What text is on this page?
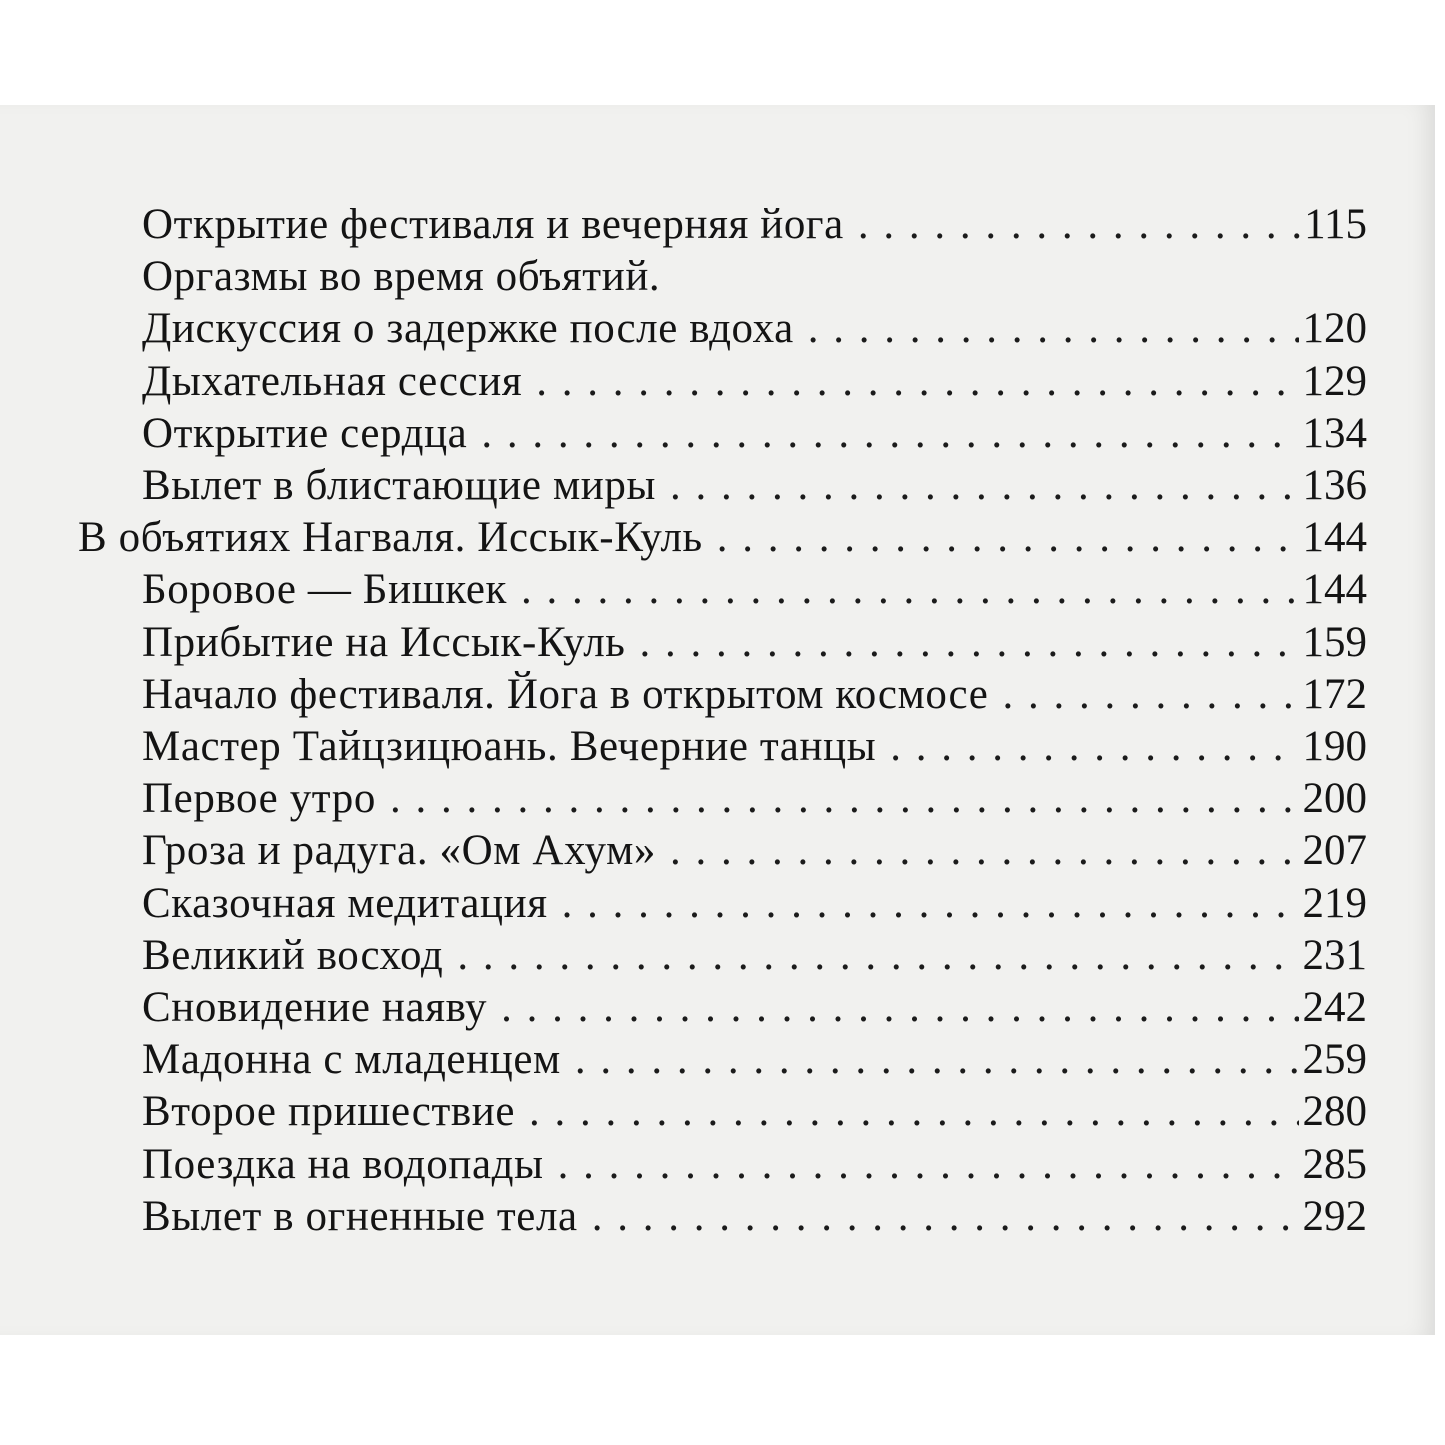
Открытие фестиваля и вечерняя йога . . .	115
Оргазмы во время объятий.
Дискуссия о задержке после вдоха . . .	120
Дыхательная сессия . . .	129
Открытие сердца . . .	134
Вылет в блистающие миры . . .	136
В объятиях Нагваля. Иссык-Куль . . .	144
Боровое — Бишкек . . .	144
Прибытие на Иссык-Куль . . .	159
Начало фестиваля. Йога в открытом космосе . . .	172
Мастер Тайцзицюань. Вечерние танцы . . .	190
Первое утро . . .	200
Гроза и радуга. «Ом Ахум» . . .	207
Сказочная медитация . . .	219
Великий восход . . .	231
Сновидение наяву . . .	242
Мадонна с младенцем . . .	259
Второе пришествие . . .	280
Поездка на водопады . . .	285
Вылет в огненные тела . . .	292
